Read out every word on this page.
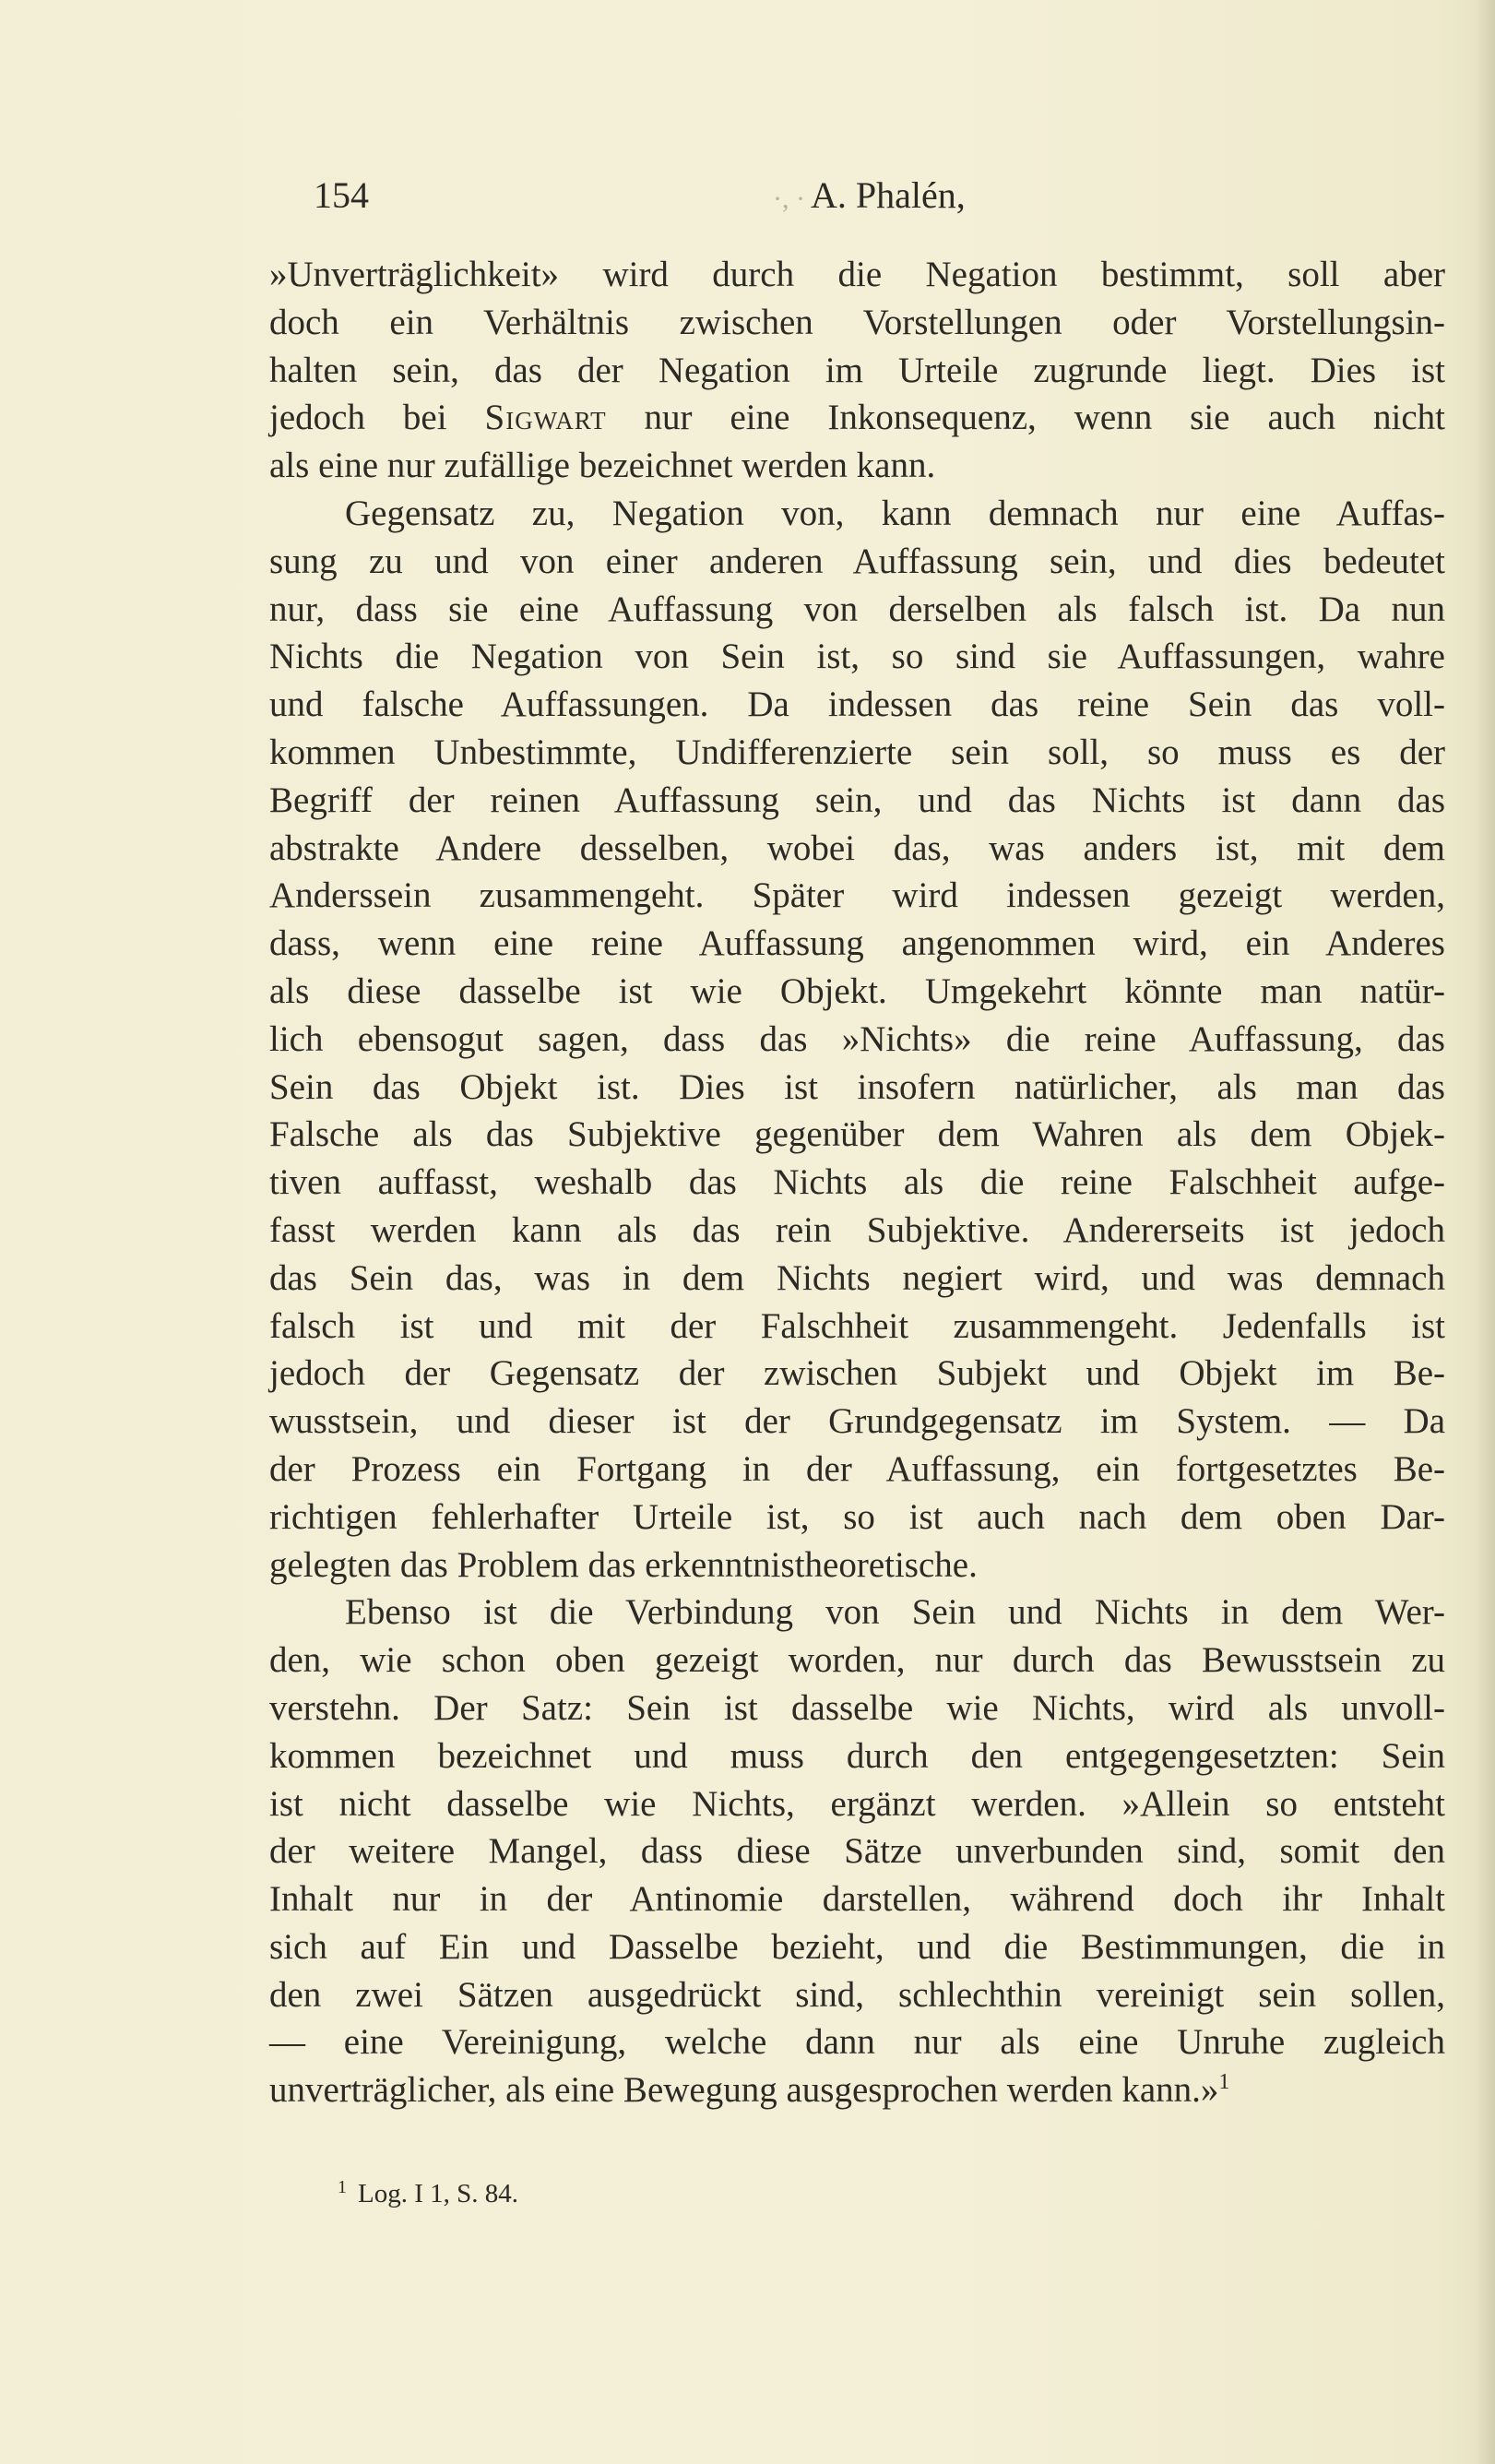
154	·, · A. Phalén,
»Unverträglichkeit» wird durch die Negation bestimmt, soll aber
doch ein Verhältnis zwischen Vorstellungen oder Vorstellungsin-
halten sein, das der Negation im Urteile zugrunde liegt. Dies ist
jedoch bei Sigwart nur eine Inkonsequenz, wenn sie auch nicht
als eine nur zufällige bezeichnet werden kann.
Gegensatz zu, Negation von, kann demnach nur eine Auffas-
sung zu und von einer anderen Auffassung sein, und dies bedeutet
nur, dass sie eine Auffassung von derselben als falsch ist. Da nun
Nichts die Negation von Sein ist, so sind sie Auffassungen, wahre
und falsche Auffassungen. Da indessen das reine Sein das voll-
kommen Unbestimmte, Undifferenzierte sein soll, so muss es der
Begriff der reinen Auffassung sein, und das Nichts ist dann das
abstrakte Andere desselben, wobei das, was anders ist, mit dem
Anderssein zusammengeht. Später wird indessen gezeigt werden,
dass, wenn eine reine Auffassung angenommen wird, ein Anderes
als diese dasselbe ist wie Objekt. Umgekehrt könnte man natür-
lich ebensogut sagen, dass das »Nichts» die reine Auffassung, das
Sein das Objekt ist. Dies ist insofern natürlicher, als man das
Falsche als das Subjektive gegenüber dem Wahren als dem Objek-
tiven auffasst, weshalb das Nichts als die reine Falschheit aufge-
fasst werden kann als das rein Subjektive. Andererseits ist jedoch
das Sein das, was in dem Nichts negiert wird, und was demnach
falsch ist und mit der Falschheit zusammengeht. Jedenfalls ist
jedoch der Gegensatz der zwischen Subjekt und Objekt im Be-
wusstsein, und dieser ist der Grundgegensatz im System. — Da
der Prozess ein Fortgang in der Auffassung, ein fortgesetztes Be-
richtigen fehlerhafter Urteile ist, so ist auch nach dem oben Dar-
gelegten das Problem das erkenntnistheoretische.
Ebenso ist die Verbindung von Sein und Nichts in dem Wer-
den, wie schon oben gezeigt worden, nur durch das Bewusstsein zu
verstehn. Der Satz: Sein ist dasselbe wie Nichts, wird als unvoll-
kommen bezeichnet und muss durch den entgegengesetzten: Sein
ist nicht dasselbe wie Nichts, ergänzt werden. »Allein so entsteht
der weitere Mangel, dass diese Sätze unverbunden sind, somit den
Inhalt nur in der Antinomie darstellen, während doch ihr Inhalt
sich auf Ein und Dasselbe bezieht, und die Bestimmungen, die in
den zwei Sätzen ausgedrückt sind, schlechthin vereinigt sein sollen,
— eine Vereinigung, welche dann nur als eine Unruhe zugleich
unverträglicher, als eine Bewegung ausgesprochen werden kann.»$^1$
$^1$ Log. I 1, S. 84.
